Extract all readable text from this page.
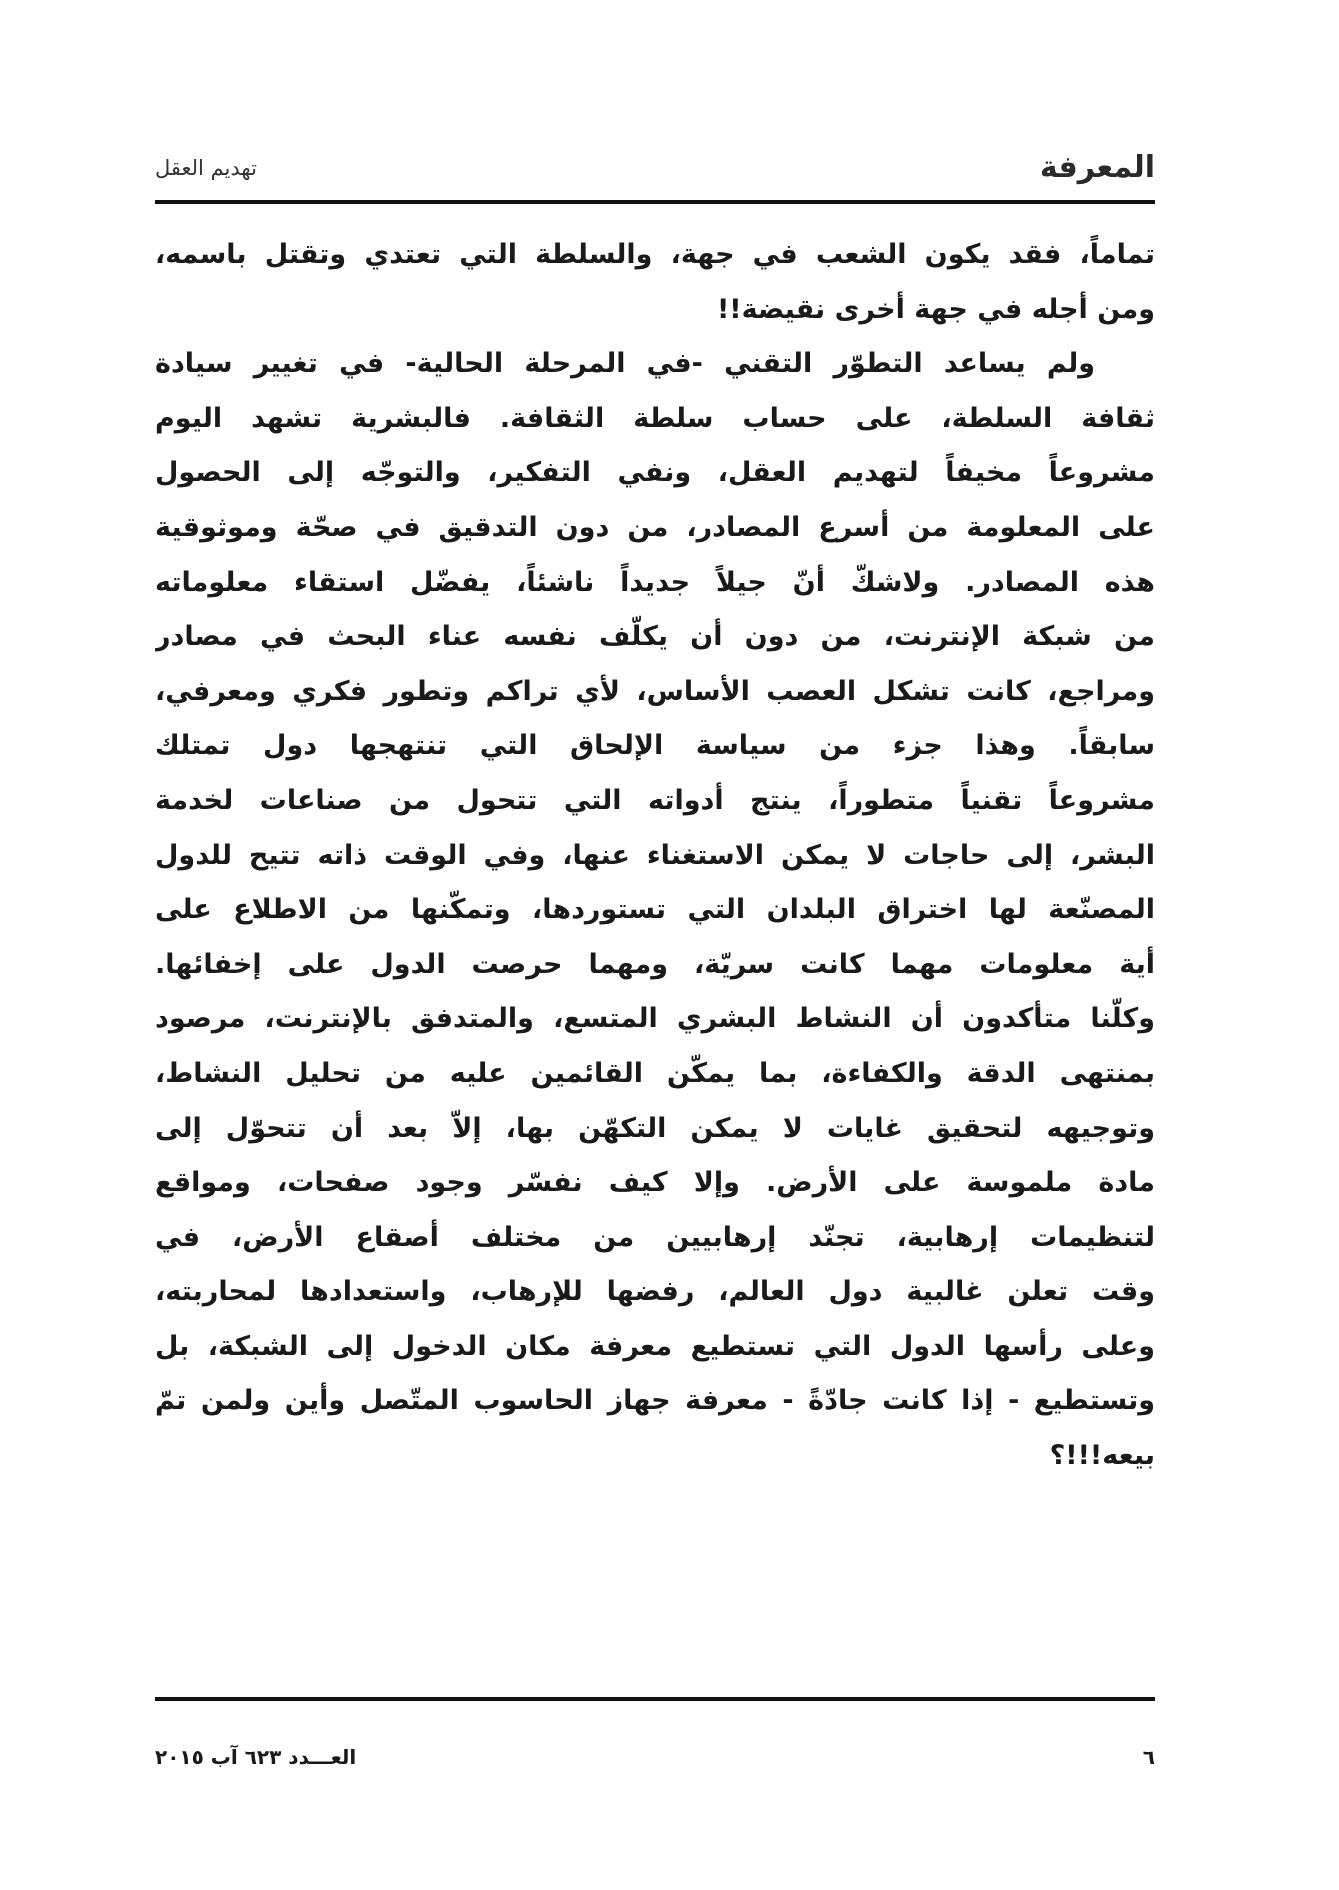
المعرفة
تهديم العقل
تماماً، فقد يكون الشعب في جهة، والسلطة التي تعتدي وتقتل باسمه،
ومن أجله في جهة أخرى نقيضة!!
ولم يساعد التطوّر التقني -في المرحلة الحالية- في تغيير سيادة
ثقافة السلطة، على حساب سلطة الثقافة. فالبشرية تشهد اليوم
مشروعاً مخيفاً لتهديم العقل، ونفي التفكير، والتوجّه إلى الحصول
على المعلومة من أسرع المصادر، من دون التدقيق في صحّة وموثوقية
هذه المصادر. ولاشكّ أنّ جيلاً جديداً ناشئاً، يفضّل استقاء معلوماته
من شبكة الإنترنت، من دون أن يكلّف نفسه عناء البحث في مصادر
ومراجع، كانت تشكل العصب الأساس، لأي تراكم وتطور فكري ومعرفي،
سابقاً. وهذا جزء من سياسة الإلحاق التي تنتهجها دول تمتلك
مشروعاً تقنياً متطوراً، ينتج أدواته التي تتحول من صناعات لخدمة
البشر، إلى حاجات لا يمكن الاستغناء عنها، وفي الوقت ذاته تتيح للدول
المصنّعة لها اختراق البلدان التي تستوردها، وتمكّنها من الاطلاع على
أية معلومات مهما كانت سريّة، ومهما حرصت الدول على إخفائها.
وكلّنا متأكدون أن النشاط البشري المتسع، والمتدفق بالإنترنت، مرصود
بمنتهى الدقة والكفاءة، بما يمكّن القائمين عليه من تحليل النشاط،
وتوجيهه لتحقيق غايات لا يمكن التكهّن بها، إلاّ بعد أن تتحوّل إلى
مادة ملموسة على الأرض. وإلا كيف نفسّر وجود صفحات، ومواقع
لتنظيمات إرهابية، تجنّد إرهابيين من مختلف أصقاع الأرض، في
وقت تعلن غالبية دول العالم، رفضها للإرهاب، واستعدادها لمحاربته،
وعلى رأسها الدول التي تستطيع معرفة مكان الدخول إلى الشبكة، بل
وتستطيع - إذا كانت جادّةً - معرفة جهاز الحاسوب المتّصل وأين ولمن تمّ
بيعه!!!؟
٦
العـــدد ٦٢٣ آب ٢٠١٥
